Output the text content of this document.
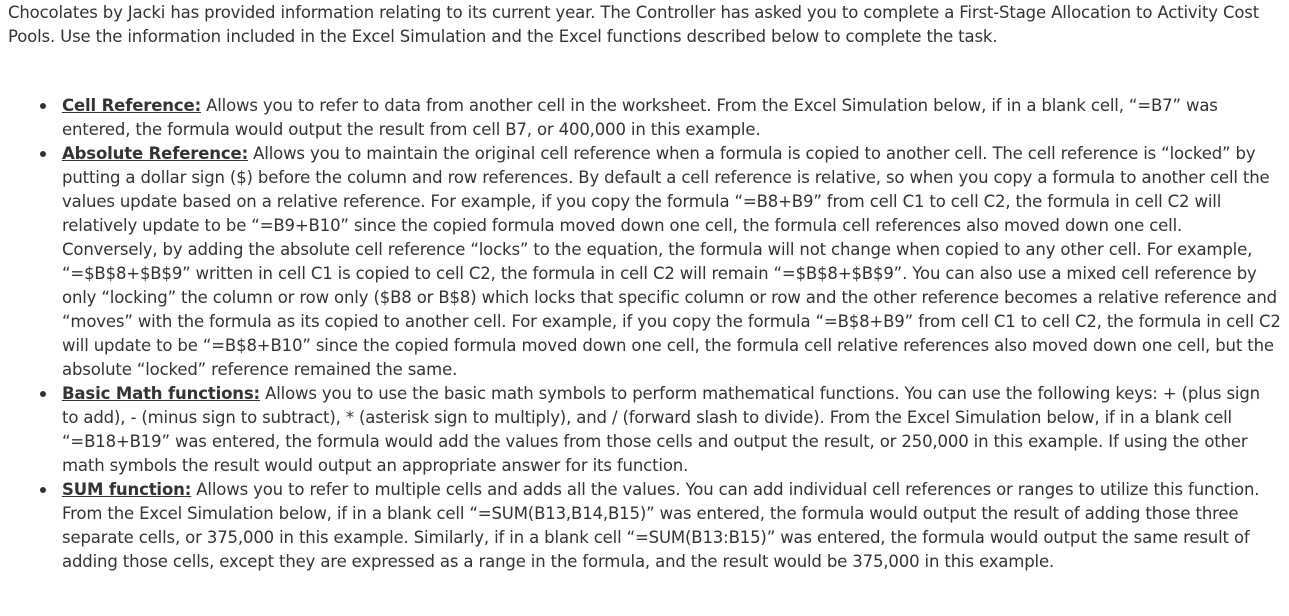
Chocolates by Jacki has provided information relating to its current year. The Controller has asked you to complete a First-Stage Allocation to Activity Cost Pools. Use the information included in the Excel Simulation and the Excel functions described below to complete the task.

Cell Reference: Allows you to refer to data from another cell in the worksheet. From the Excel Simulation below, if in a blank cell, “=B7” was entered, the formula would output the result from cell B7, or 400,000 in this example.
Absolute Reference: Allows you to maintain the original cell reference when a formula is copied to another cell. The cell reference is “locked” by putting a dollar sign ($) before the column and row references. By default a cell reference is relative, so when you copy a formula to another cell the values update based on a relative reference. For example, if you copy the formula “=B8+B9” from cell C1 to cell C2, the formula in cell C2 will relatively update to be “=B9+B10” since the copied formula moved down one cell, the formula cell references also moved down one cell. Conversely, by adding the absolute cell reference “locks” to the equation, the formula will not change when copied to any other cell. For example, “=$B$8+$B$9” written in cell C1 is copied to cell C2, the formula in cell C2 will remain “=$B$8+$B$9”. You can also use a mixed cell reference by only “locking” the column or row only ($B8 or B$8) which locks that specific column or row and the other reference becomes a relative reference and “moves” with the formula as its copied to another cell. For example, if you copy the formula “=B$8+B9” from cell C1 to cell C2, the formula in cell C2 will update to be “=B$8+B10” since the copied formula moved down one cell, the formula cell relative references also moved down one cell, but the absolute “locked” reference remained the same.
Basic Math functions: Allows you to use the basic math symbols to perform mathematical functions. You can use the following keys: + (plus sign to add), - (minus sign to subtract), * (asterisk sign to multiply), and / (forward slash to divide). From the Excel Simulation below, if in a blank cell “=B18+B19” was entered, the formula would add the values from those cells and output the result, or 250,000 in this example. If using the other math symbols the result would output an appropriate answer for its function.
SUM function: Allows you to refer to multiple cells and adds all the values. You can add individual cell references or ranges to utilize this function. From the Excel Simulation below, if in a blank cell “=SUM(B13,B14,B15)” was entered, the formula would output the result of adding those three separate cells, or 375,000 in this example. Similarly, if in a blank cell “=SUM(B13:B15)” was entered, the formula would output the same result of adding those cells, except they are expressed as a range in the formula, and the result would be 375,000 in this example.
